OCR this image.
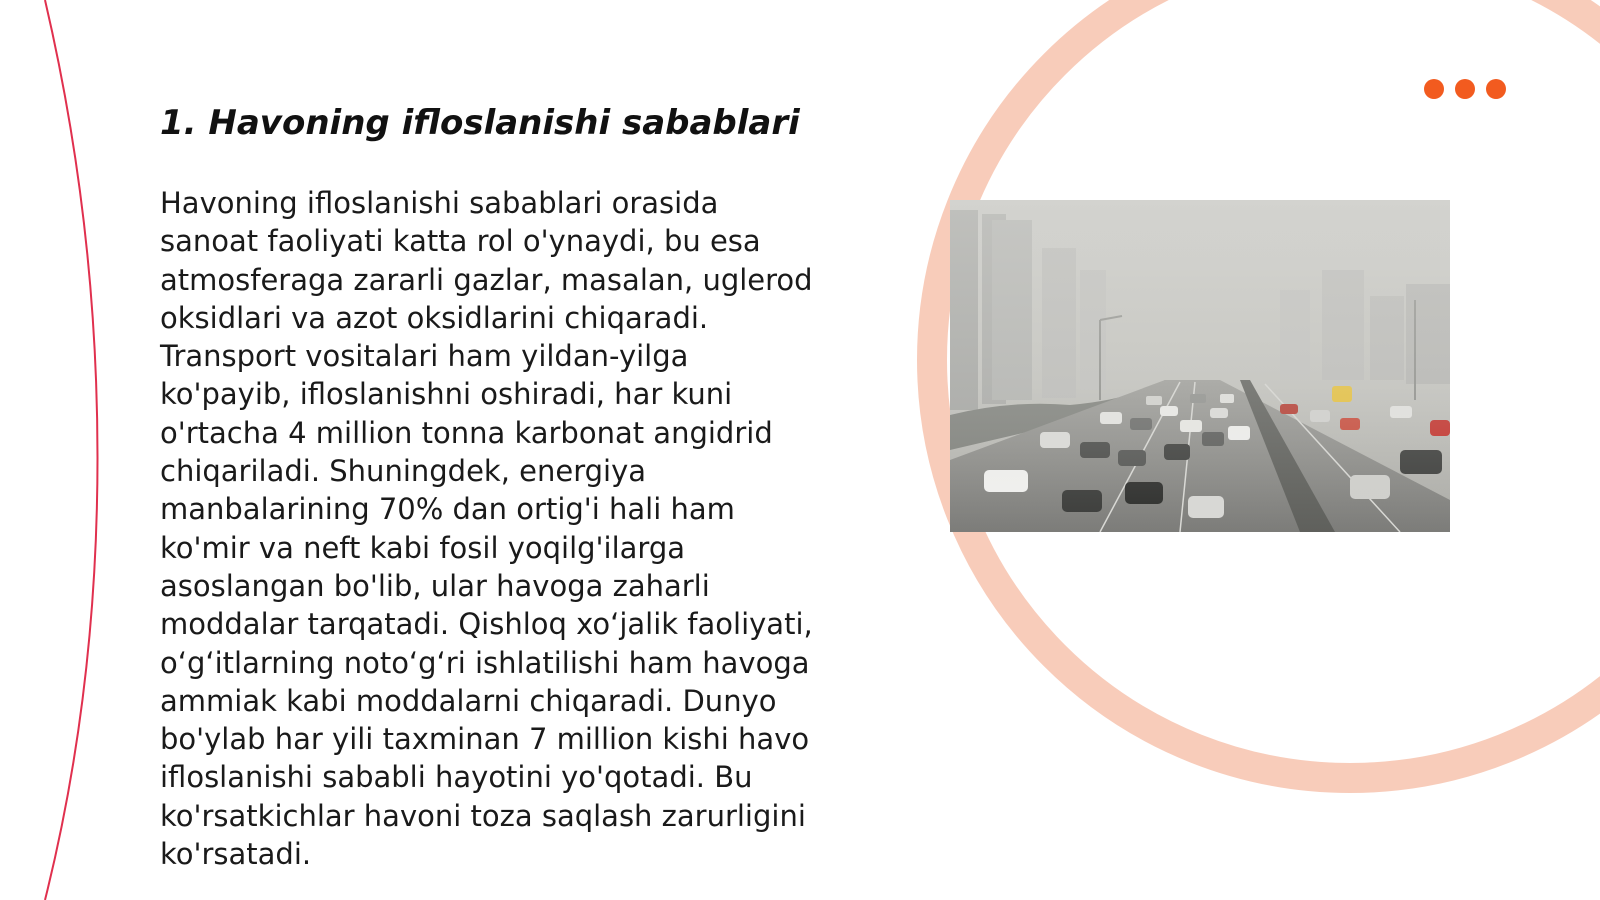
1. Havoning ifloslanishi sabablari

Havoning ifloslanishi sabablari orasida
sanoat faoliyati katta rol o'ynaydi, bu esa
atmosferaga zararli gazlar, masalan, uglerod
oksidlari va azot oksidlarini chiqaradi.
Transport vositalari ham yildan-yilga
ko'payib, ifloslanishni oshiradi, har kuni
o'rtacha 4 million tonna karbonat angidrid
chiqariladi. Shuningdek, energiya
manbalarining 70% dan ortig'i hali ham
ko'mir va neft kabi fosil yoqilg'ilarga
asoslangan bo'lib, ular havoga zaharli
moddalar tarqatadi. Qishloq xo‘jalik faoliyati,
o‘g‘itlarning noto‘g‘ri ishlatilishi ham havoga
ammiak kabi moddalarni chiqaradi. Dunyo
bo'ylab har yili taxminan 7 million kishi havo
ifloslanishi sababli hayotini yo'qotadi. Bu
ko'rsatkichlar havoni toza saqlash zarurligini
ko'rsatadi.
